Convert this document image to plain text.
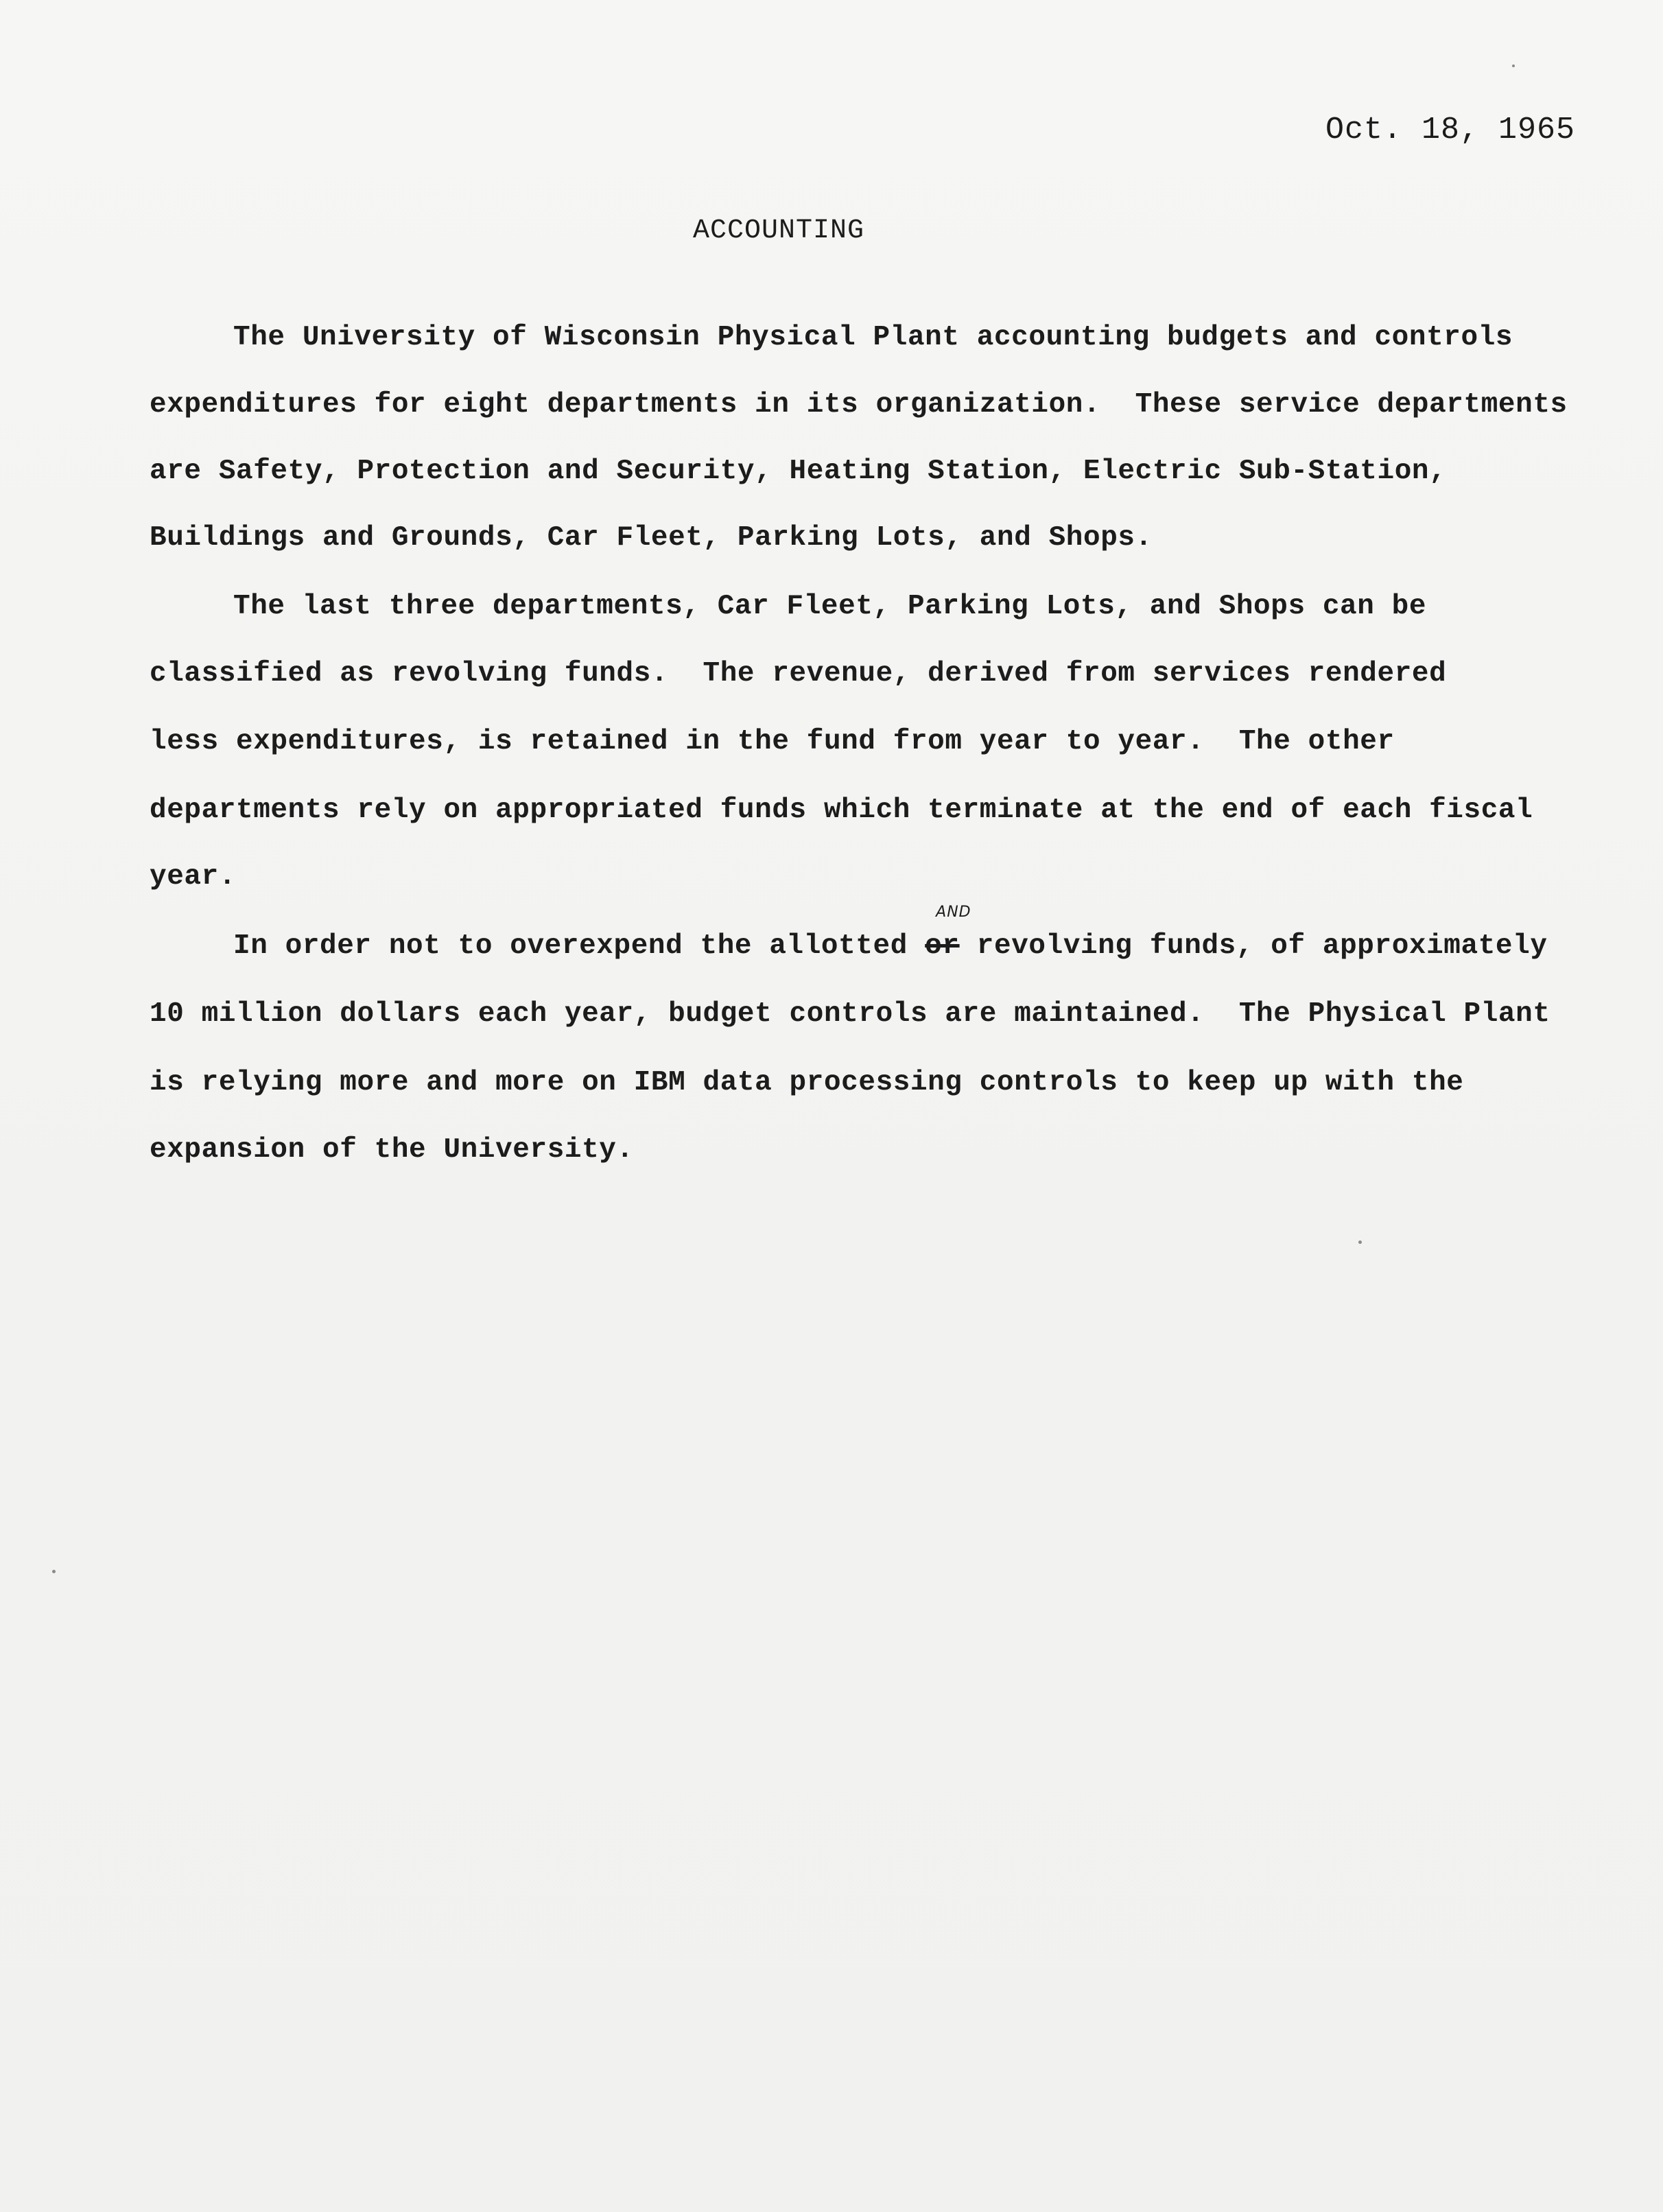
Oct. 18, 1965
ACCOUNTING
The University of Wisconsin Physical Plant accounting budgets and controls
expenditures for eight departments in its organization.  These service departments
are Safety, Protection and Security, Heating Station, Electric Sub-Station,
Buildings and Grounds, Car Fleet, Parking Lots, and Shops.
The last three departments, Car Fleet, Parking Lots, and Shops can be
classified as revolving funds.  The revenue, derived from services rendered
less expenditures, is retained in the fund from year to year.  The other
departments rely on appropriated funds which terminate at the end of each fiscal
year.
In order not to overexpend the allotted or
AND
revolving funds, of approximately
10 million dollars each year, budget controls are maintained.  The Physical Plant
is relying more and more on IBM data processing controls to keep up with the
expansion of the University.
